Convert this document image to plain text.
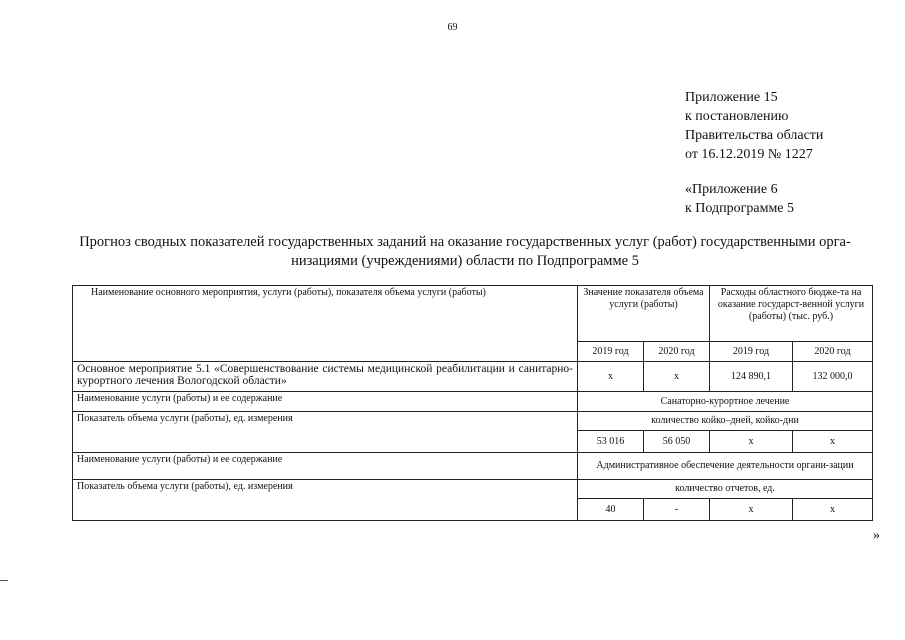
69
Приложение 15
к постановлению
Правительства области
от 16.12.2019 № 1227
«Приложение 6
к Подпрограмме 5
Прогноз сводных показателей государственных заданий на оказание государственных услуг (работ) государственными орга-
низациями (учреждениями) области по Подпрограмме 5
Наименование основного мероприятия, услуги (работы), показателя объема услуги (работы)	Значение показателя объема услуги (работы)		Расходы областного бюдже-та на оказание государст-венной услуги (работы) (тыс. руб.)	
	2019 год	2020 год	2019 год	2020 год
Основное мероприятие 5.1 «Совершенствование системы медицинской реабилитации и санитарно-курортного лечения Вологодской области»	х	х	124 890,1	132 000,0
Наименование услуги (работы) и ее содержание	Санаторно-курортное лечение			
Показатель объема услуги (работы), ед. измерения	количество койко–дней, койко-дни			
	53 016	56 050	х	х
Наименование услуги (работы) и ее содержание	Административное обеспечение деятельности органи-зации			
Показатель объема услуги (работы), ед. измерения	количество отчетов, ед.			
	40	-	х	х
»
